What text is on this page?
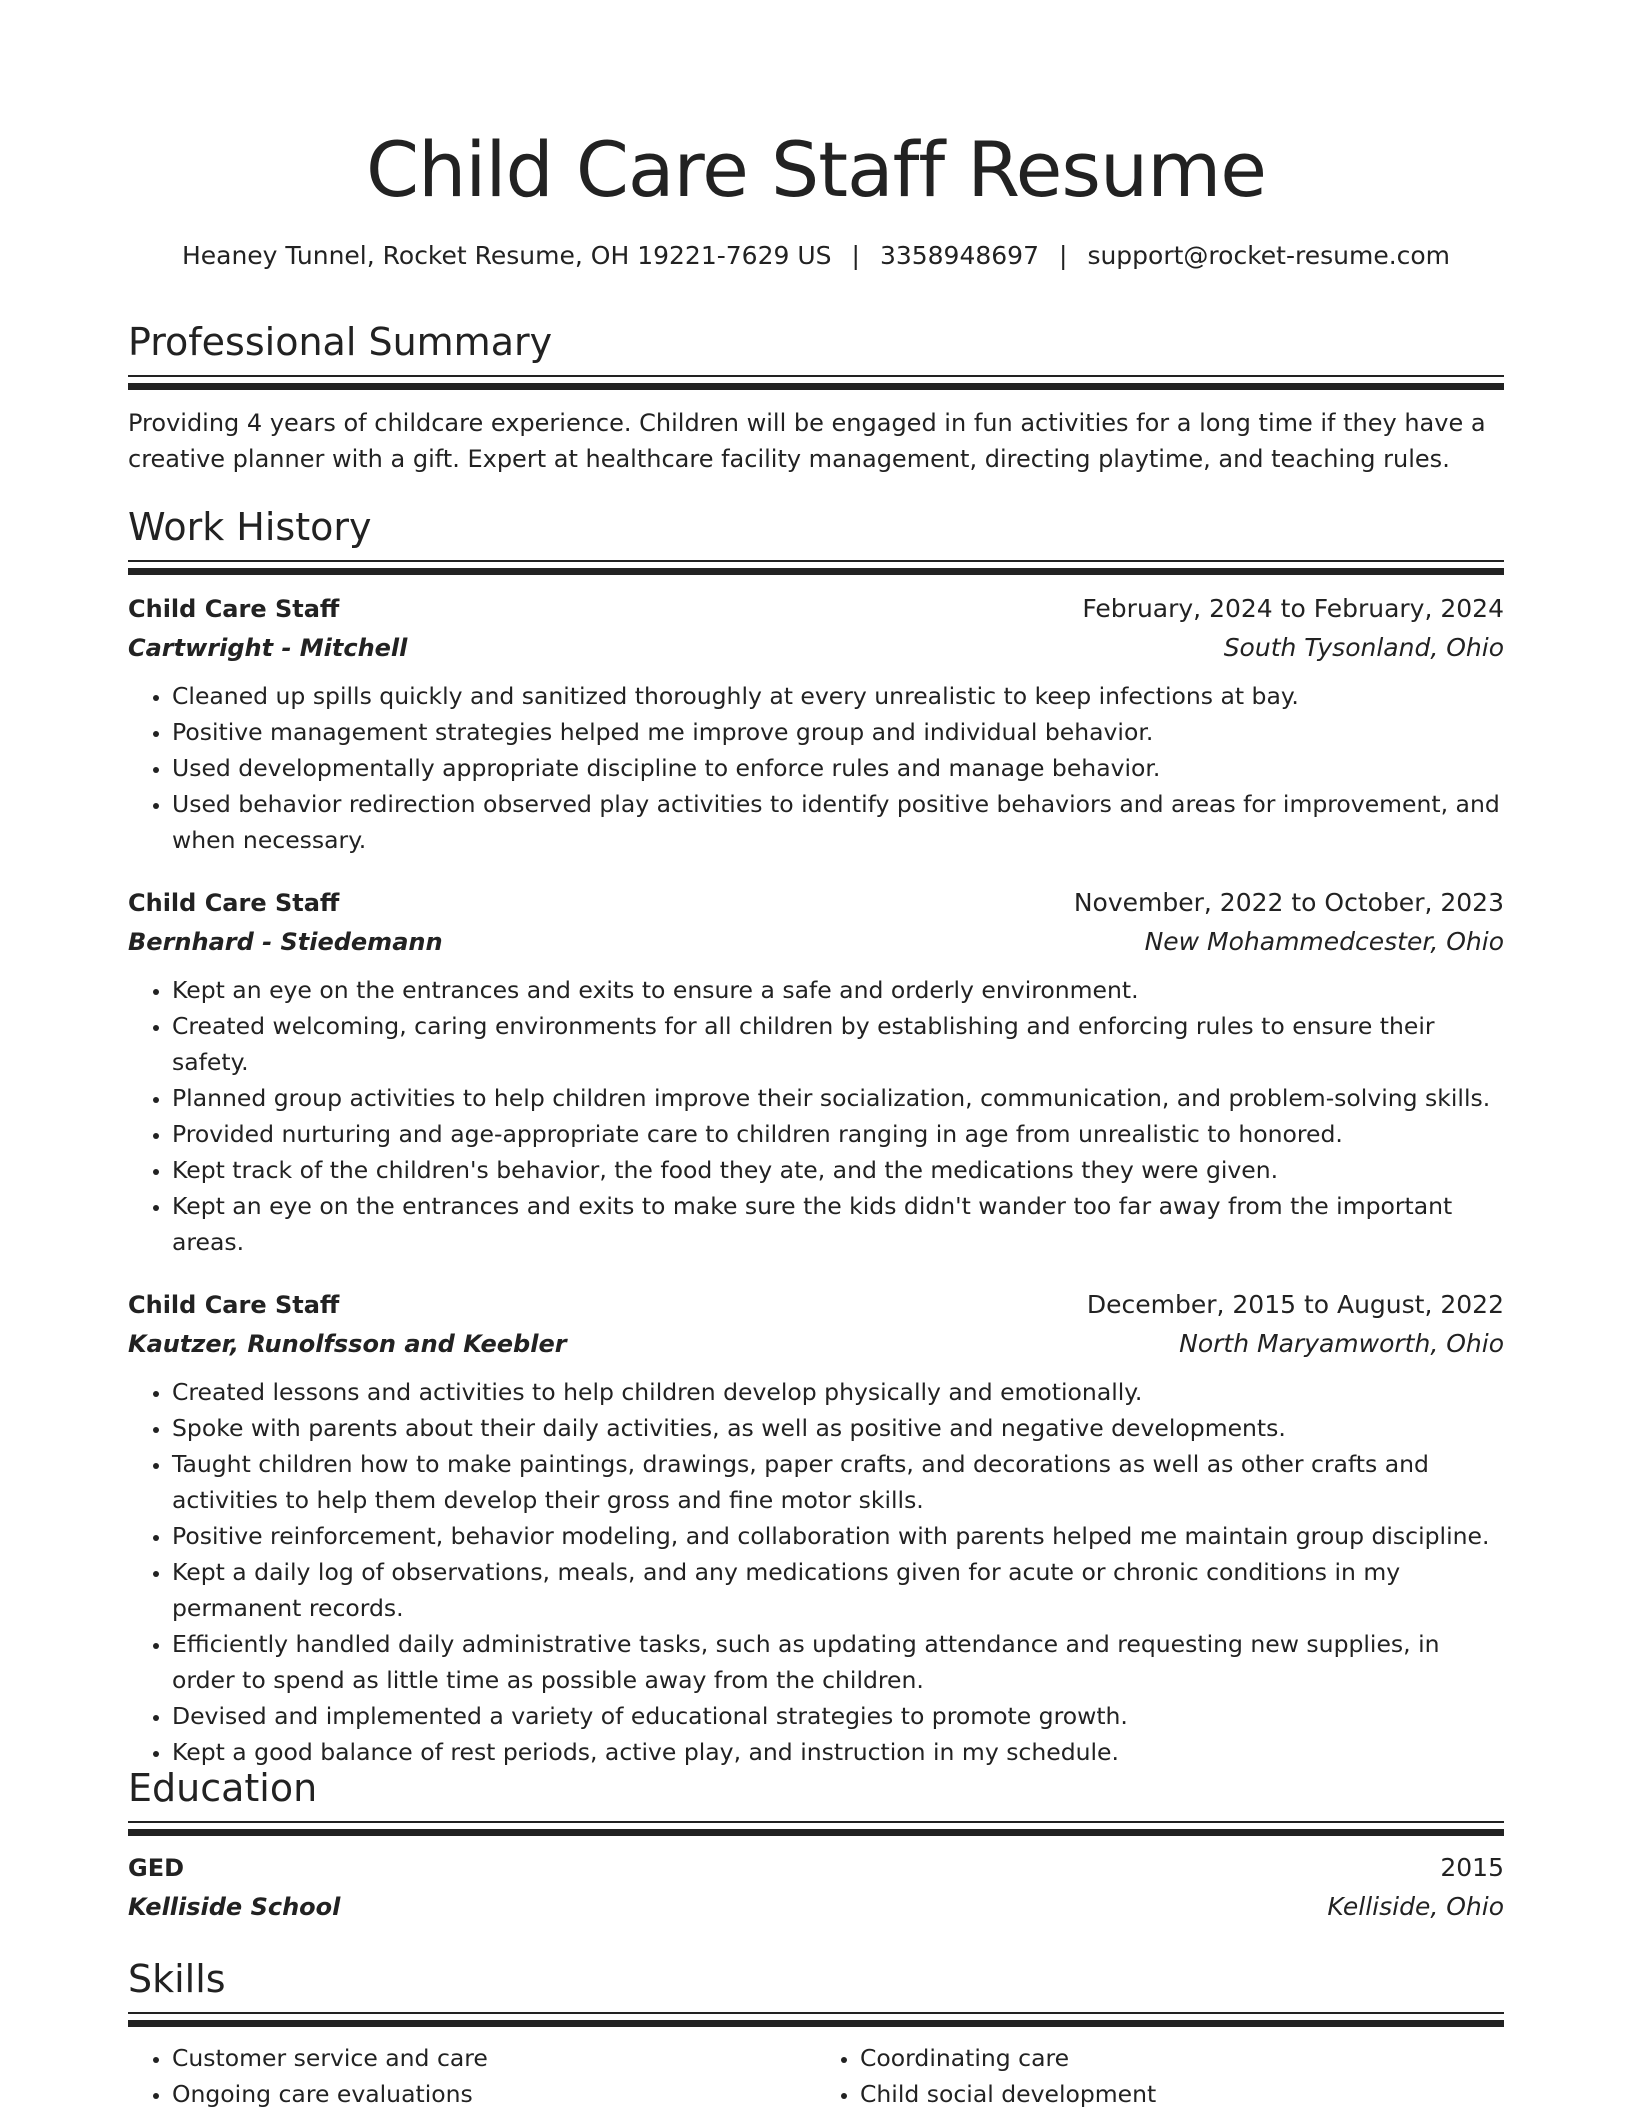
Child Care Staff Resume
Heaney Tunnel, Rocket Resume, OH 19221-7629 US | 3358948697 | support@rocket-resume.com
Professional Summary
Providing 4 years of childcare experience. Children will be engaged in fun activities for a long time if they have a creative planner with a gift. Expert at healthcare facility management, directing playtime, and teaching rules.
Work History
Child Care Staff	February, 2024 to February, 2024
Cartwright - Mitchell	South Tysonland, Ohio
• Cleaned up spills quickly and sanitized thoroughly at every unrealistic to keep infections at bay.
• Positive management strategies helped me improve group and individual behavior.
• Used developmentally appropriate discipline to enforce rules and manage behavior.
• Used behavior redirection observed play activities to identify positive behaviors and areas for improvement, and when necessary.
Child Care Staff	November, 2022 to October, 2023
Bernhard - Stiedemann	New Mohammedcester, Ohio
• Kept an eye on the entrances and exits to ensure a safe and orderly environment.
• Created welcoming, caring environments for all children by establishing and enforcing rules to ensure their safety.
• Planned group activities to help children improve their socialization, communication, and problem-solving skills.
• Provided nurturing and age-appropriate care to children ranging in age from unrealistic to honored.
• Kept track of the children's behavior, the food they ate, and the medications they were given.
• Kept an eye on the entrances and exits to make sure the kids didn't wander too far away from the important areas.
Child Care Staff	December, 2015 to August, 2022
Kautzer, Runolfsson and Keebler	North Maryamworth, Ohio
• Created lessons and activities to help children develop physically and emotionally.
• Spoke with parents about their daily activities, as well as positive and negative developments.
• Taught children how to make paintings, drawings, paper crafts, and decorations as well as other crafts and activities to help them develop their gross and fine motor skills.
• Positive reinforcement, behavior modeling, and collaboration with parents helped me maintain group discipline.
• Kept a daily log of observations, meals, and any medications given for acute or chronic conditions in my permanent records.
• Efficiently handled daily administrative tasks, such as updating attendance and requesting new supplies, in order to spend as little time as possible away from the children.
• Devised and implemented a variety of educational strategies to promote growth.
• Kept a good balance of rest periods, active play, and instruction in my schedule.
Education
GED	2015
Kelliside School	Kelliside, Ohio
Skills
• Customer service and care
• Ongoing care evaluations
• Coordinating care
• Child social development
